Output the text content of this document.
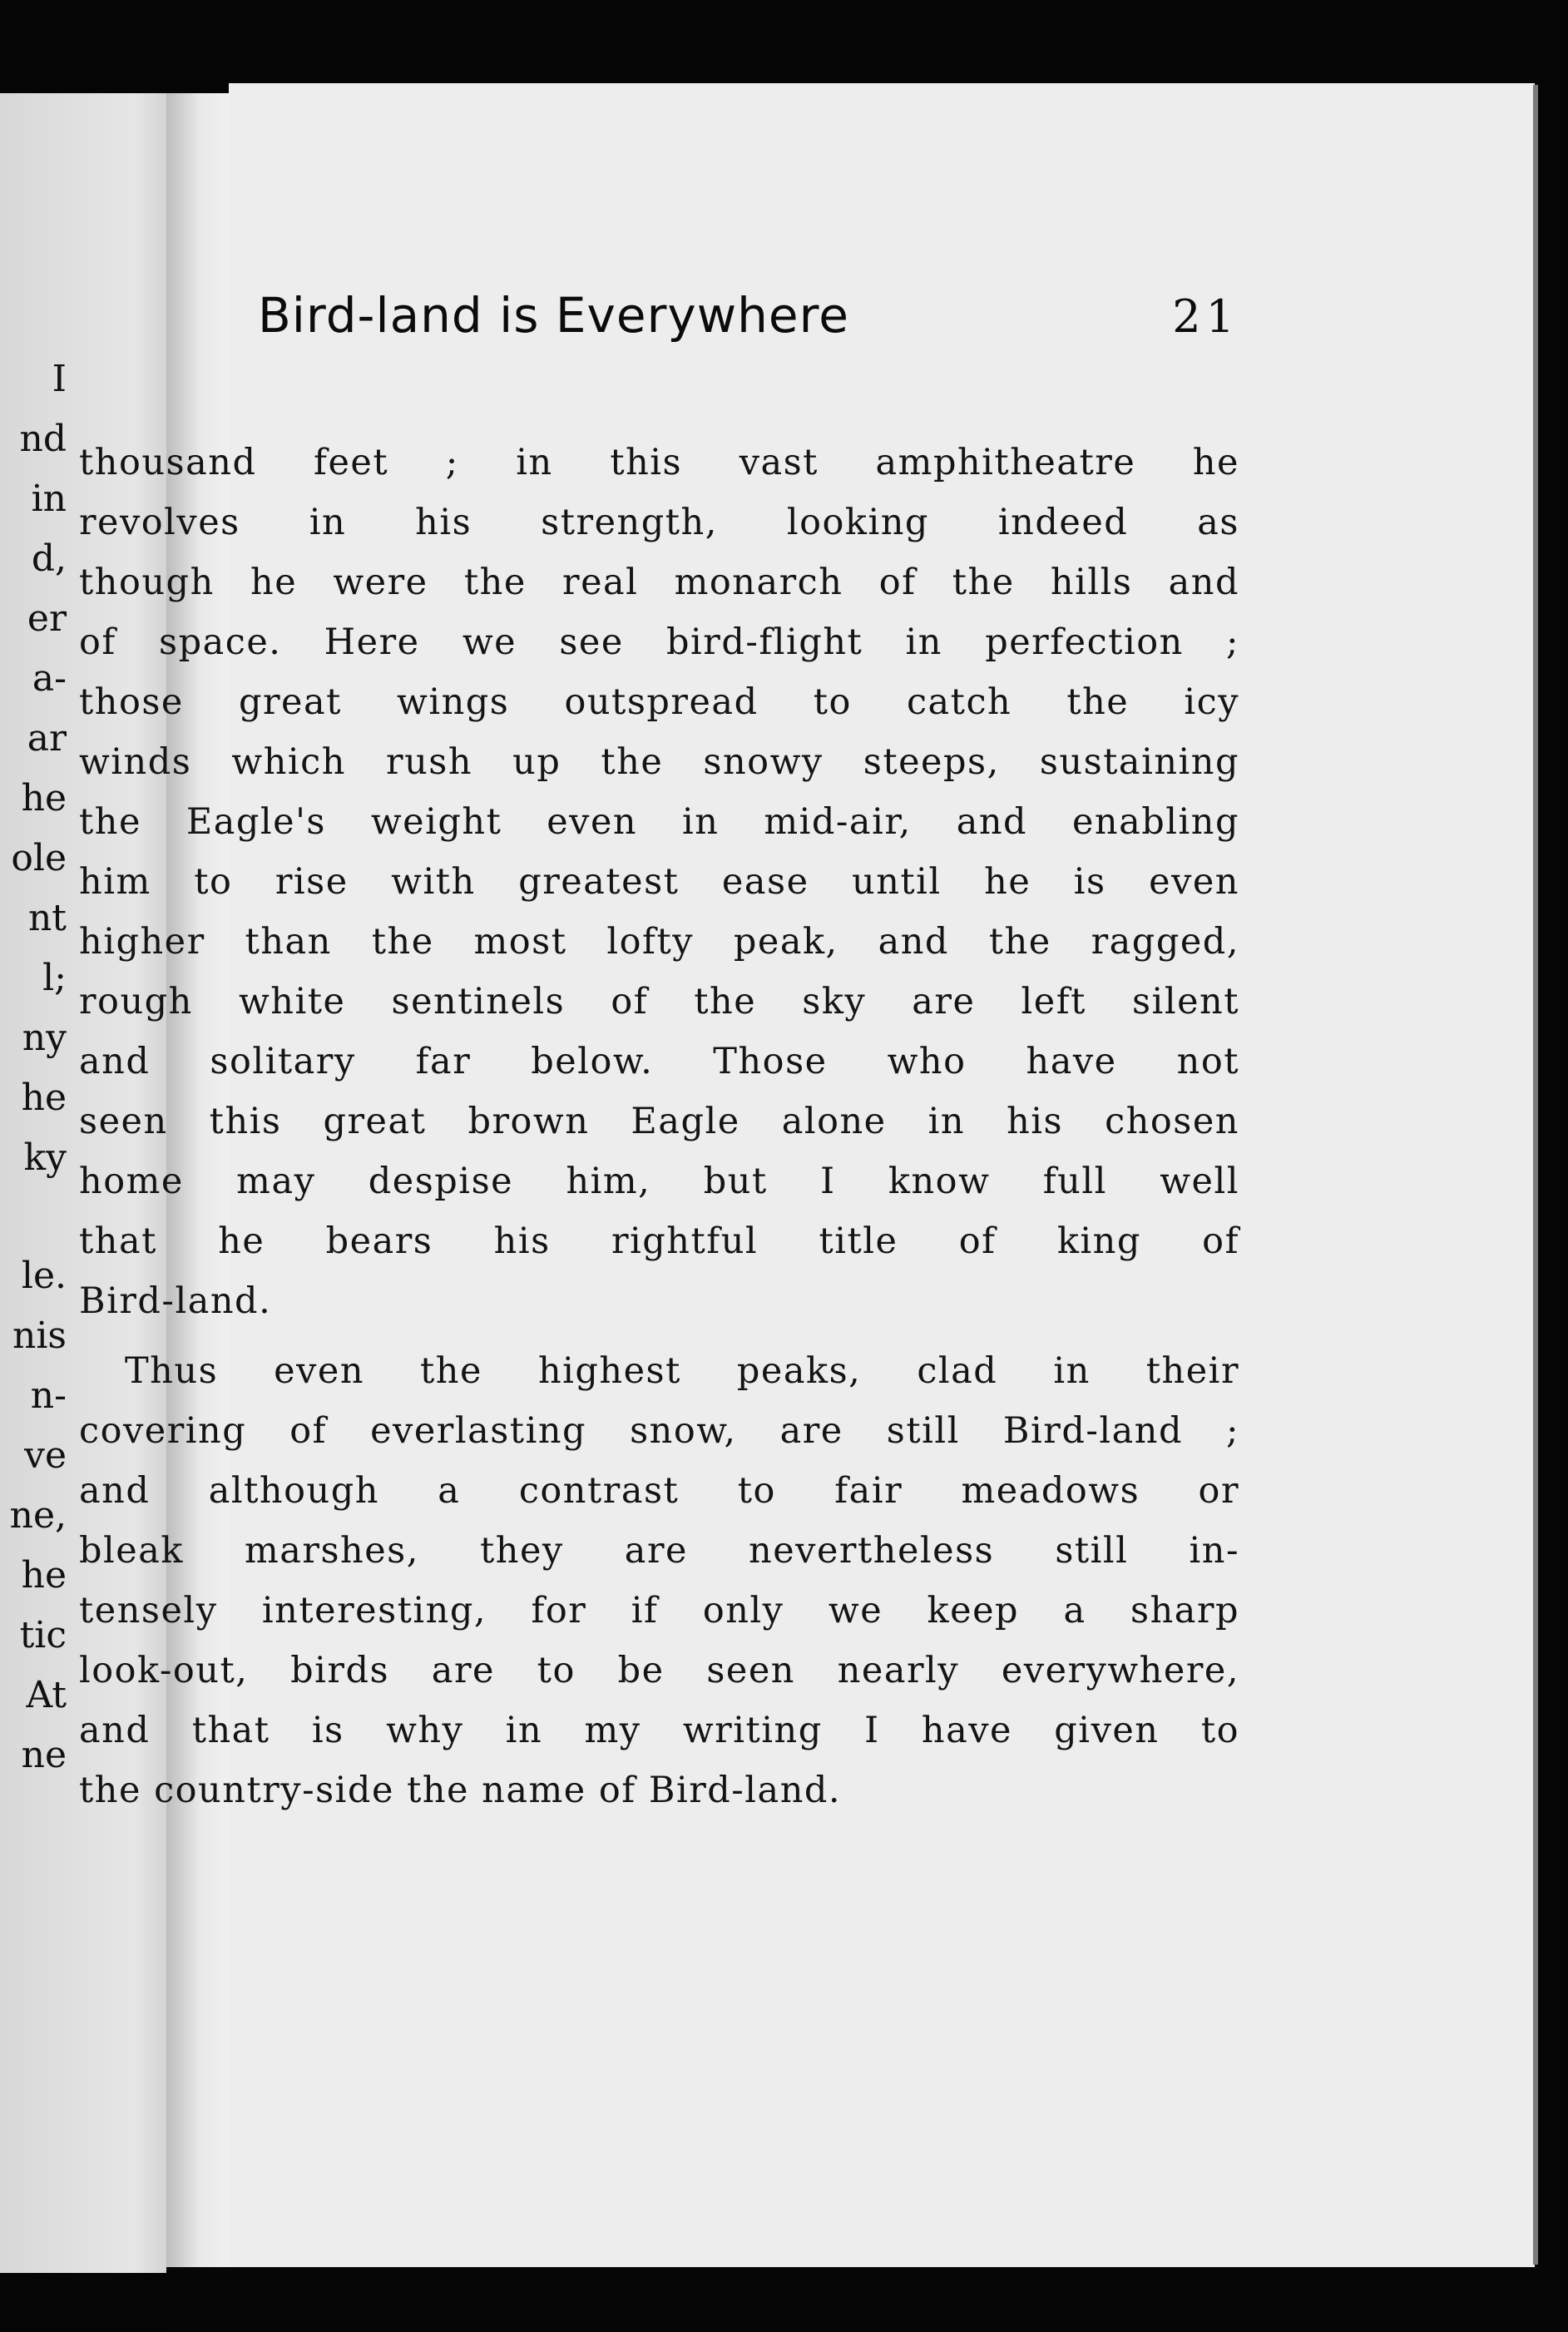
I
nd
in
d,
er
a-
ar
he
ole
nt
l;
ny
he
ky
le.
nis
n-
ve
ne,
he
tic
At
ne
Bird-land is Everywhere	21

thousand feet ; in this vast amphitheatre he
revolves in his strength, looking indeed as
though he were the real monarch of the hills and
of space. Here we see bird-flight in perfection ;
those great wings outspread to catch the icy
winds which rush up the snowy steeps, sustaining
the Eagle's weight even in mid-air, and enabling
him to rise with greatest ease until he is even
higher than the most lofty peak, and the ragged,
rough white sentinels of the sky are left silent
and solitary far below. Those who have not
seen this great brown Eagle alone in his chosen
home may despise him, but I know full well
that he bears his rightful title of king of
Bird-land.

Thus even the highest peaks, clad in their
covering of everlasting snow, are still Bird-land ;
and although a contrast to fair meadows or
bleak marshes, they are nevertheless still in-
tensely interesting, for if only we keep a sharp
look-out, birds are to be seen nearly everywhere,
and that is why in my writing I have given to
the country-side the name of Bird-land.
